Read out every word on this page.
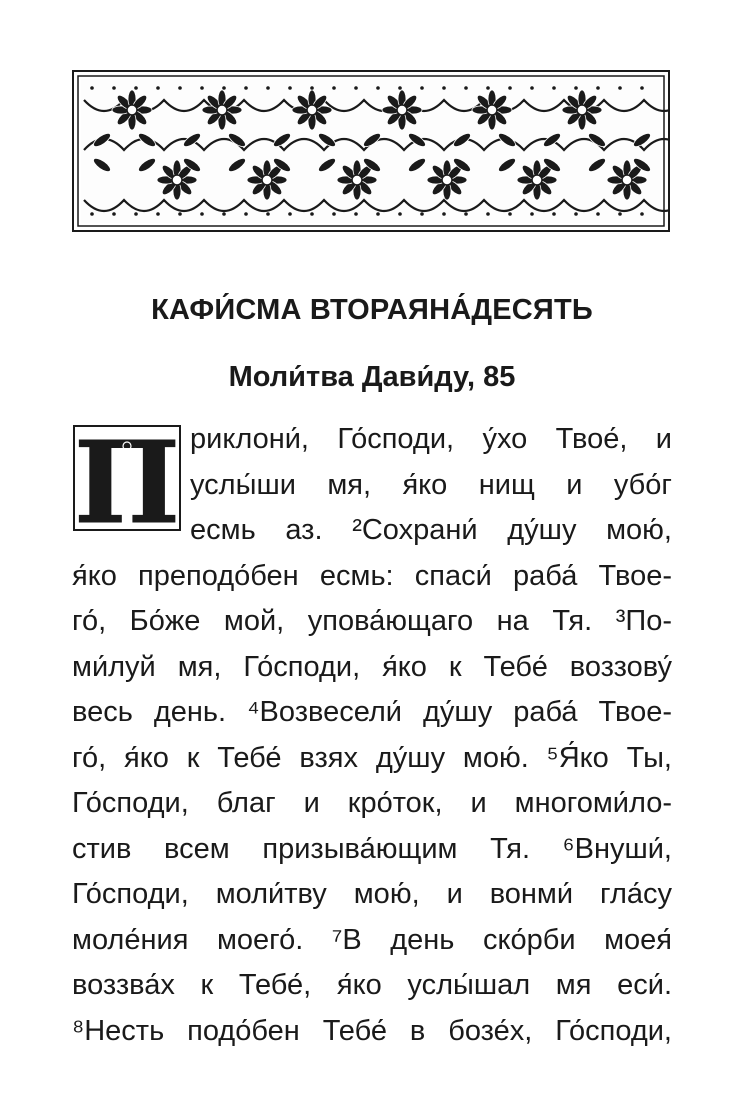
КАФИ́СМА ВТОРАЯНА́ДЕСЯТЬ
Моли́тва Дави́ду, 85
П риклони́, Го́споди, у́хо Твое́, и
услы́ши мя, я́ко нищ и убо́г
есмь аз. ²Сохрани́ ду́шу мою́,
я́ко преподо́бен есмь: спаси́ раба́ Твое-
го́, Бо́же мой, упова́ющаго на Тя. ³По-
ми́луй мя, Го́споди, я́ко к Тебе́ воззову́
весь день. ⁴Возвесели́ ду́шу раба́ Твое-
го́, я́ко к Тебе́ взях ду́шу мою́. ⁵Я́ко Ты,
Го́споди, благ и кро́ток, и многоми́ло-
стив всем призыва́ющим Тя. ⁶Внуши́,
Го́споди, моли́тву мою́, и вонми́ гла́су
моле́ния моего́. ⁷В день ско́рби моея́
воззва́х к Тебе́, я́ко услы́шал мя еси́.
⁸Несть подо́бен Тебе́ в бозе́х, Го́споди,
